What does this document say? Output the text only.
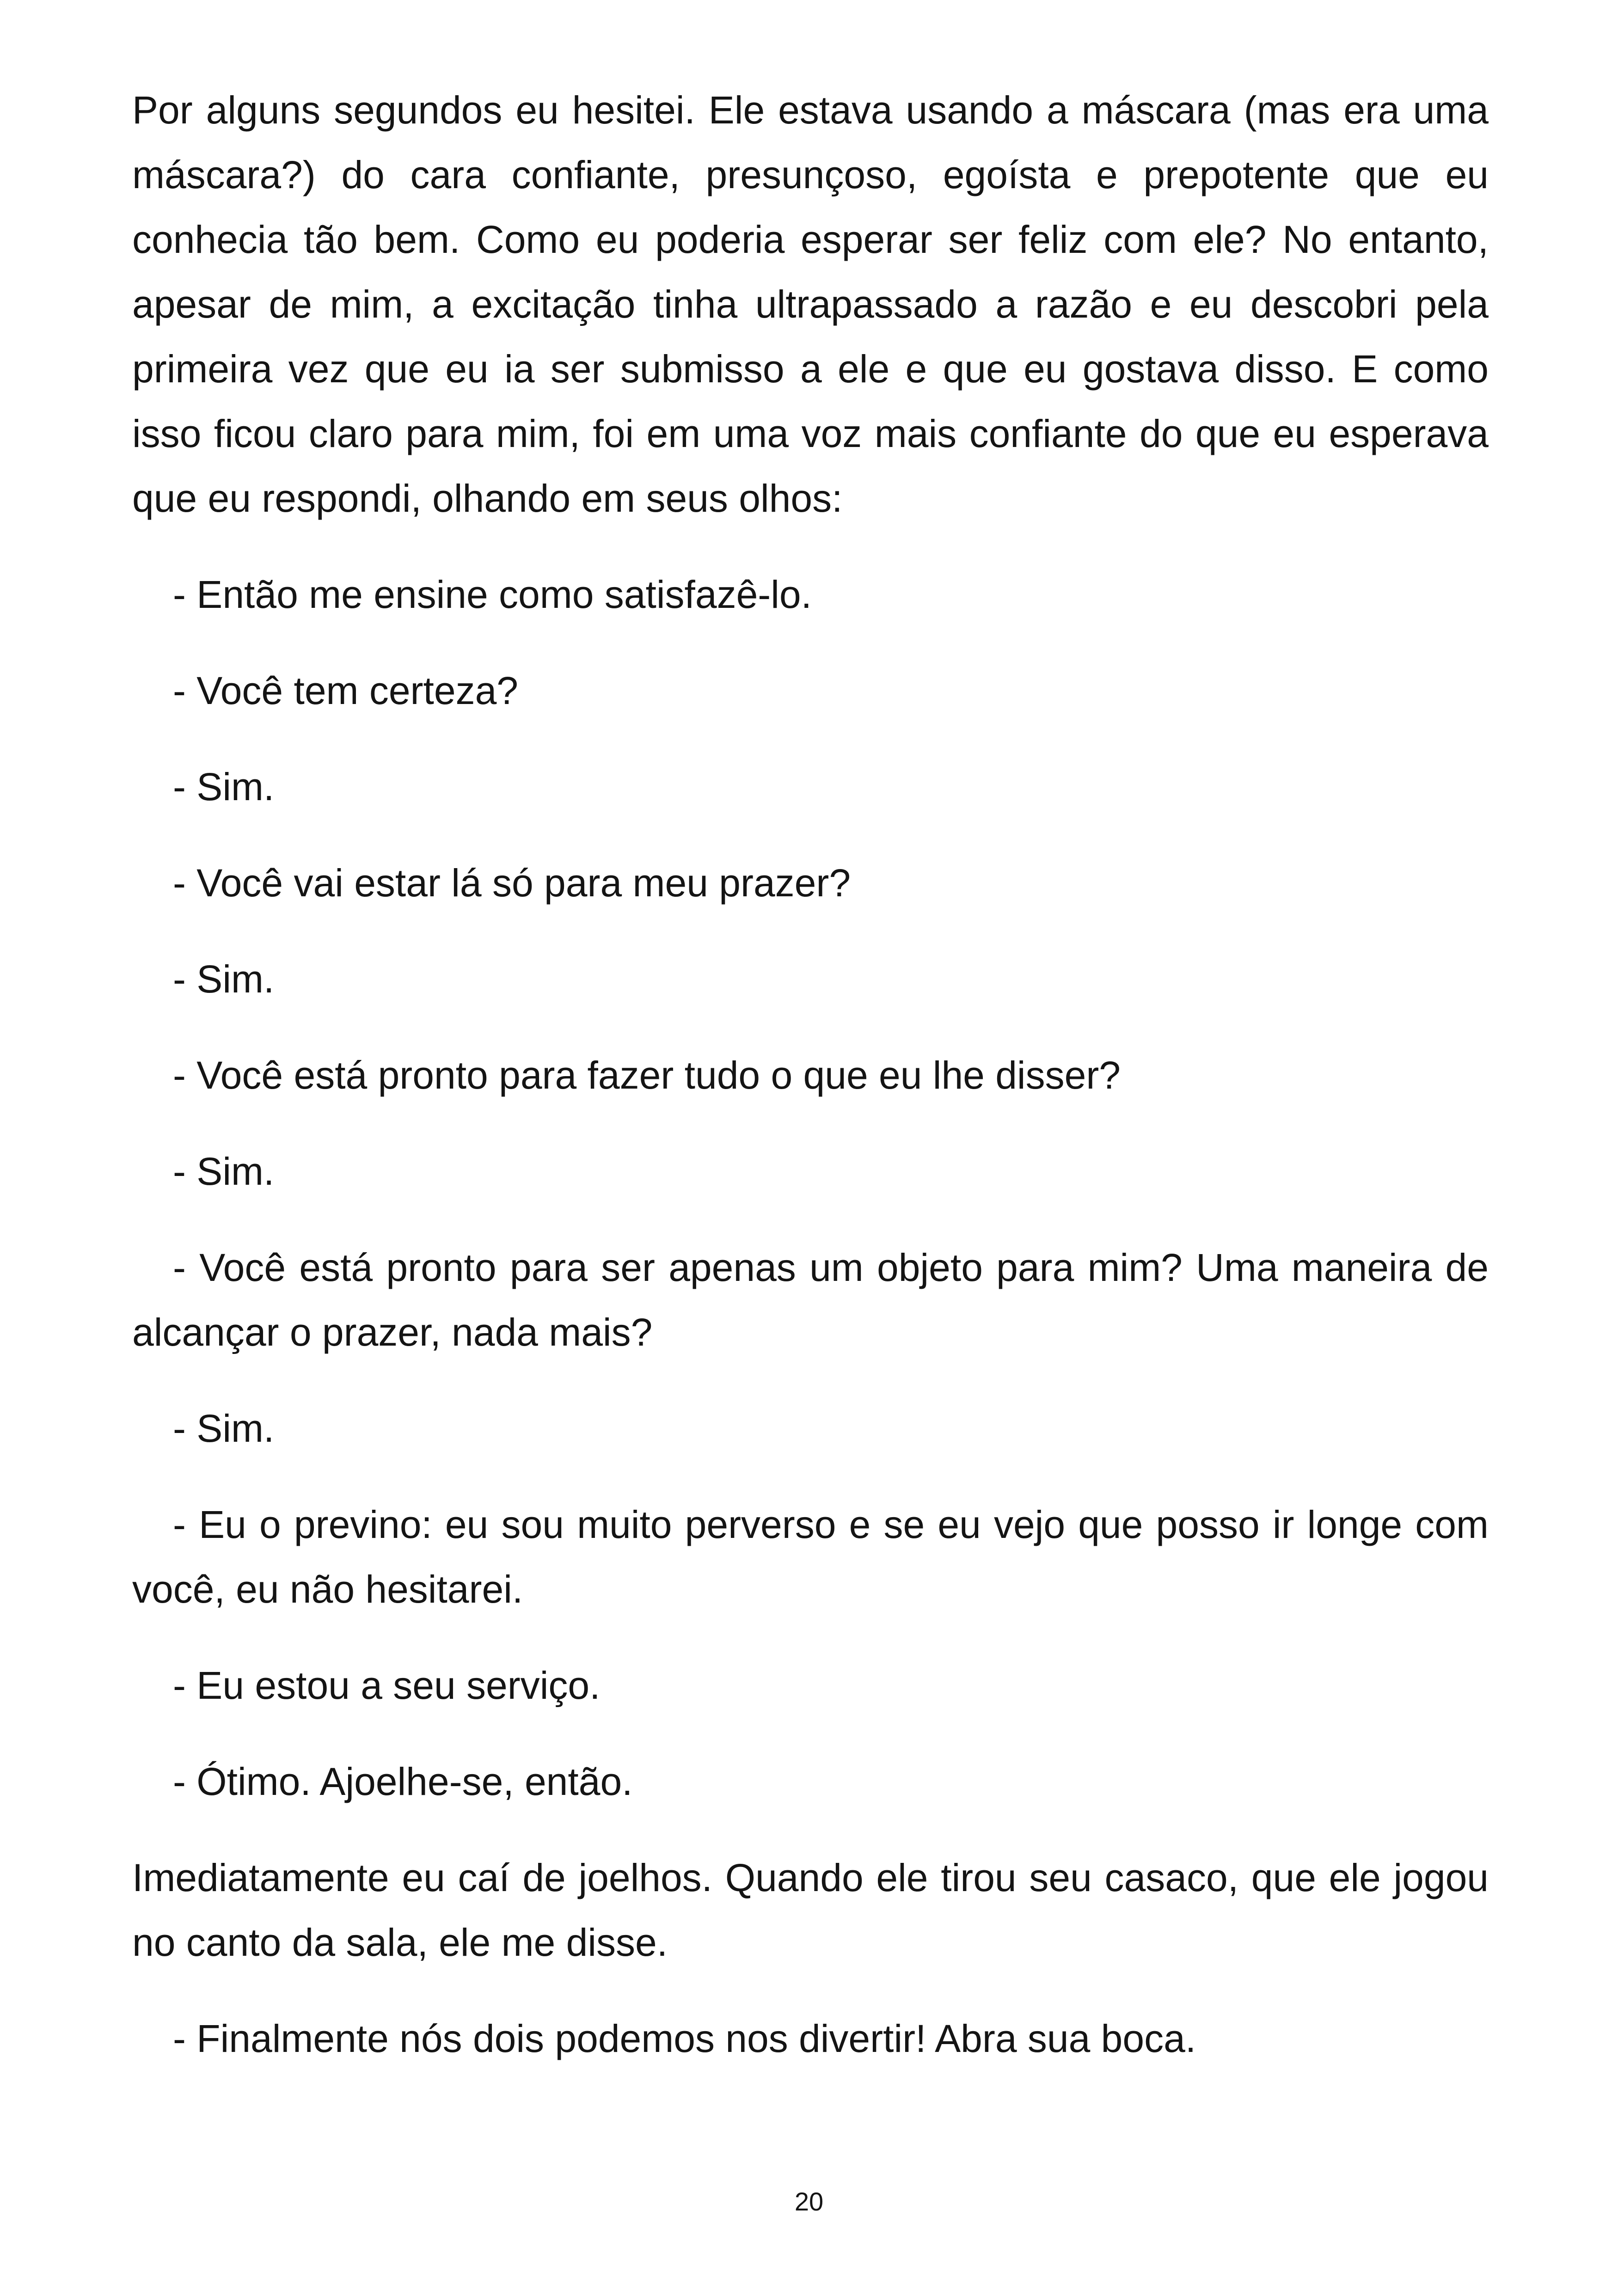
Por alguns segundos eu hesitei. Ele estava usando a máscara (mas era uma máscara?) do cara confiante, presunçoso, egoísta e prepotente que eu conhecia tão bem. Como eu poderia esperar ser feliz com ele? No entanto, apesar de mim, a excitação tinha ultrapassado a razão e eu descobri pela primeira vez que eu ia ser submisso a ele e que eu gostava disso. E como isso ficou claro para mim, foi em uma voz mais confiante do que eu esperava que eu respondi, olhando em seus olhos:

- Então me ensine como satisfazê-lo.

- Você tem certeza?

- Sim.

- Você vai estar lá só para meu prazer?

- Sim.

- Você está pronto para fazer tudo o que eu lhe disser?

- Sim.

- Você está pronto para ser apenas um objeto para mim? Uma maneira de alcançar o prazer, nada mais?

- Sim.

- Eu o previno: eu sou muito perverso e se eu vejo que posso ir longe com você, eu não hesitarei.

- Eu estou a seu serviço.

- Ótimo. Ajoelhe-se, então.

Imediatamente eu caí de joelhos. Quando ele tirou seu casaco, que ele jogou no canto da sala, ele me disse.

- Finalmente nós dois podemos nos divertir! Abra sua boca.

20
